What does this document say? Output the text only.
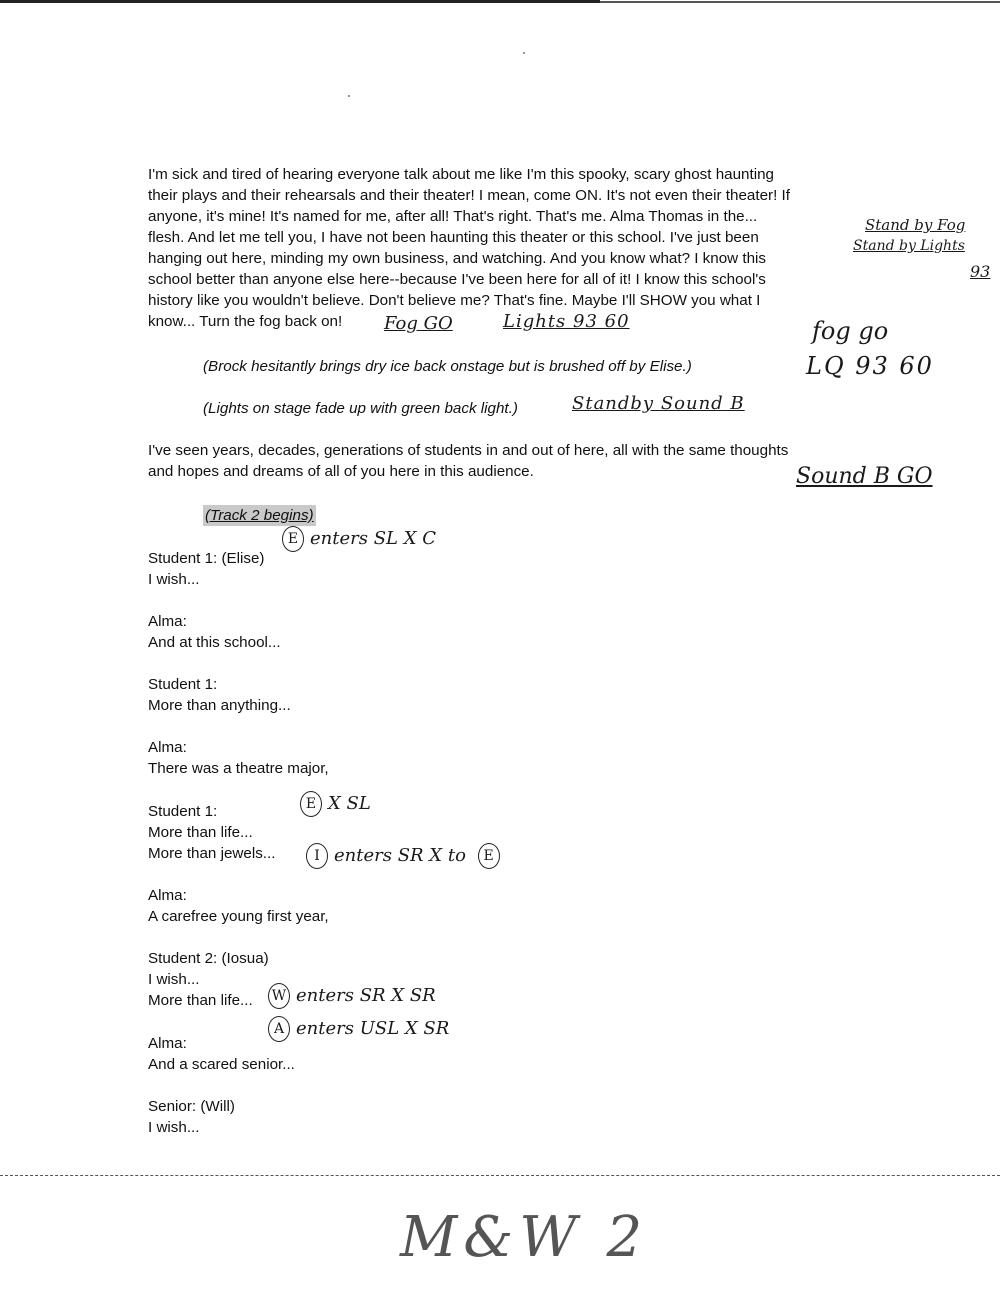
I'm sick and tired of hearing everyone talk about me like I'm this spooky, scary ghost haunting

their plays and their rehearsals and their theater! I mean, come ON. It's not even their theater! If

anyone, it's mine! It's named for me, after all! That's right. That's me. Alma Thomas in the...

flesh. And let me tell you, I have not been haunting this theater or this school. I've just been

hanging out here, minding my own business, and watching. And you know what? I know this

school better than anyone else here--because I've been here for all of it! I know this school's

history like you wouldn't believe. Don't believe me? That's fine. Maybe I'll SHOW you what I

know... Turn the fog back on!

Stand by Fog
Stand by Lights
93
Fog GO	Lights 93 60	fog go
LQ 93 60
(Brock hesitantly brings dry ice back onstage but is brushed off by Elise.)
(Lights on stage fade up with green back light.)	Standby Sound B
I've seen years, decades, generations of students in and out of here, all with the same thoughts
and hopes and dreams of all of you here in this audience.	Sound B GO
(Track 2 begins)
E enters SL X C
Student 1: (Elise)
I wish...
Alma:
And at this school...
Student 1:
More than anything...
Alma:
There was a theatre major,
Student 1:	E X SL
More than life...
More than jewels...	I enters SR X to E
Alma:
A carefree young first year,
Student 2: (Iosua)
I wish...
More than life... W enters SR X SR
A enters USL X SR
Alma:
And a scared senior...
Senior: (Will)
I wish...
M&W 2
